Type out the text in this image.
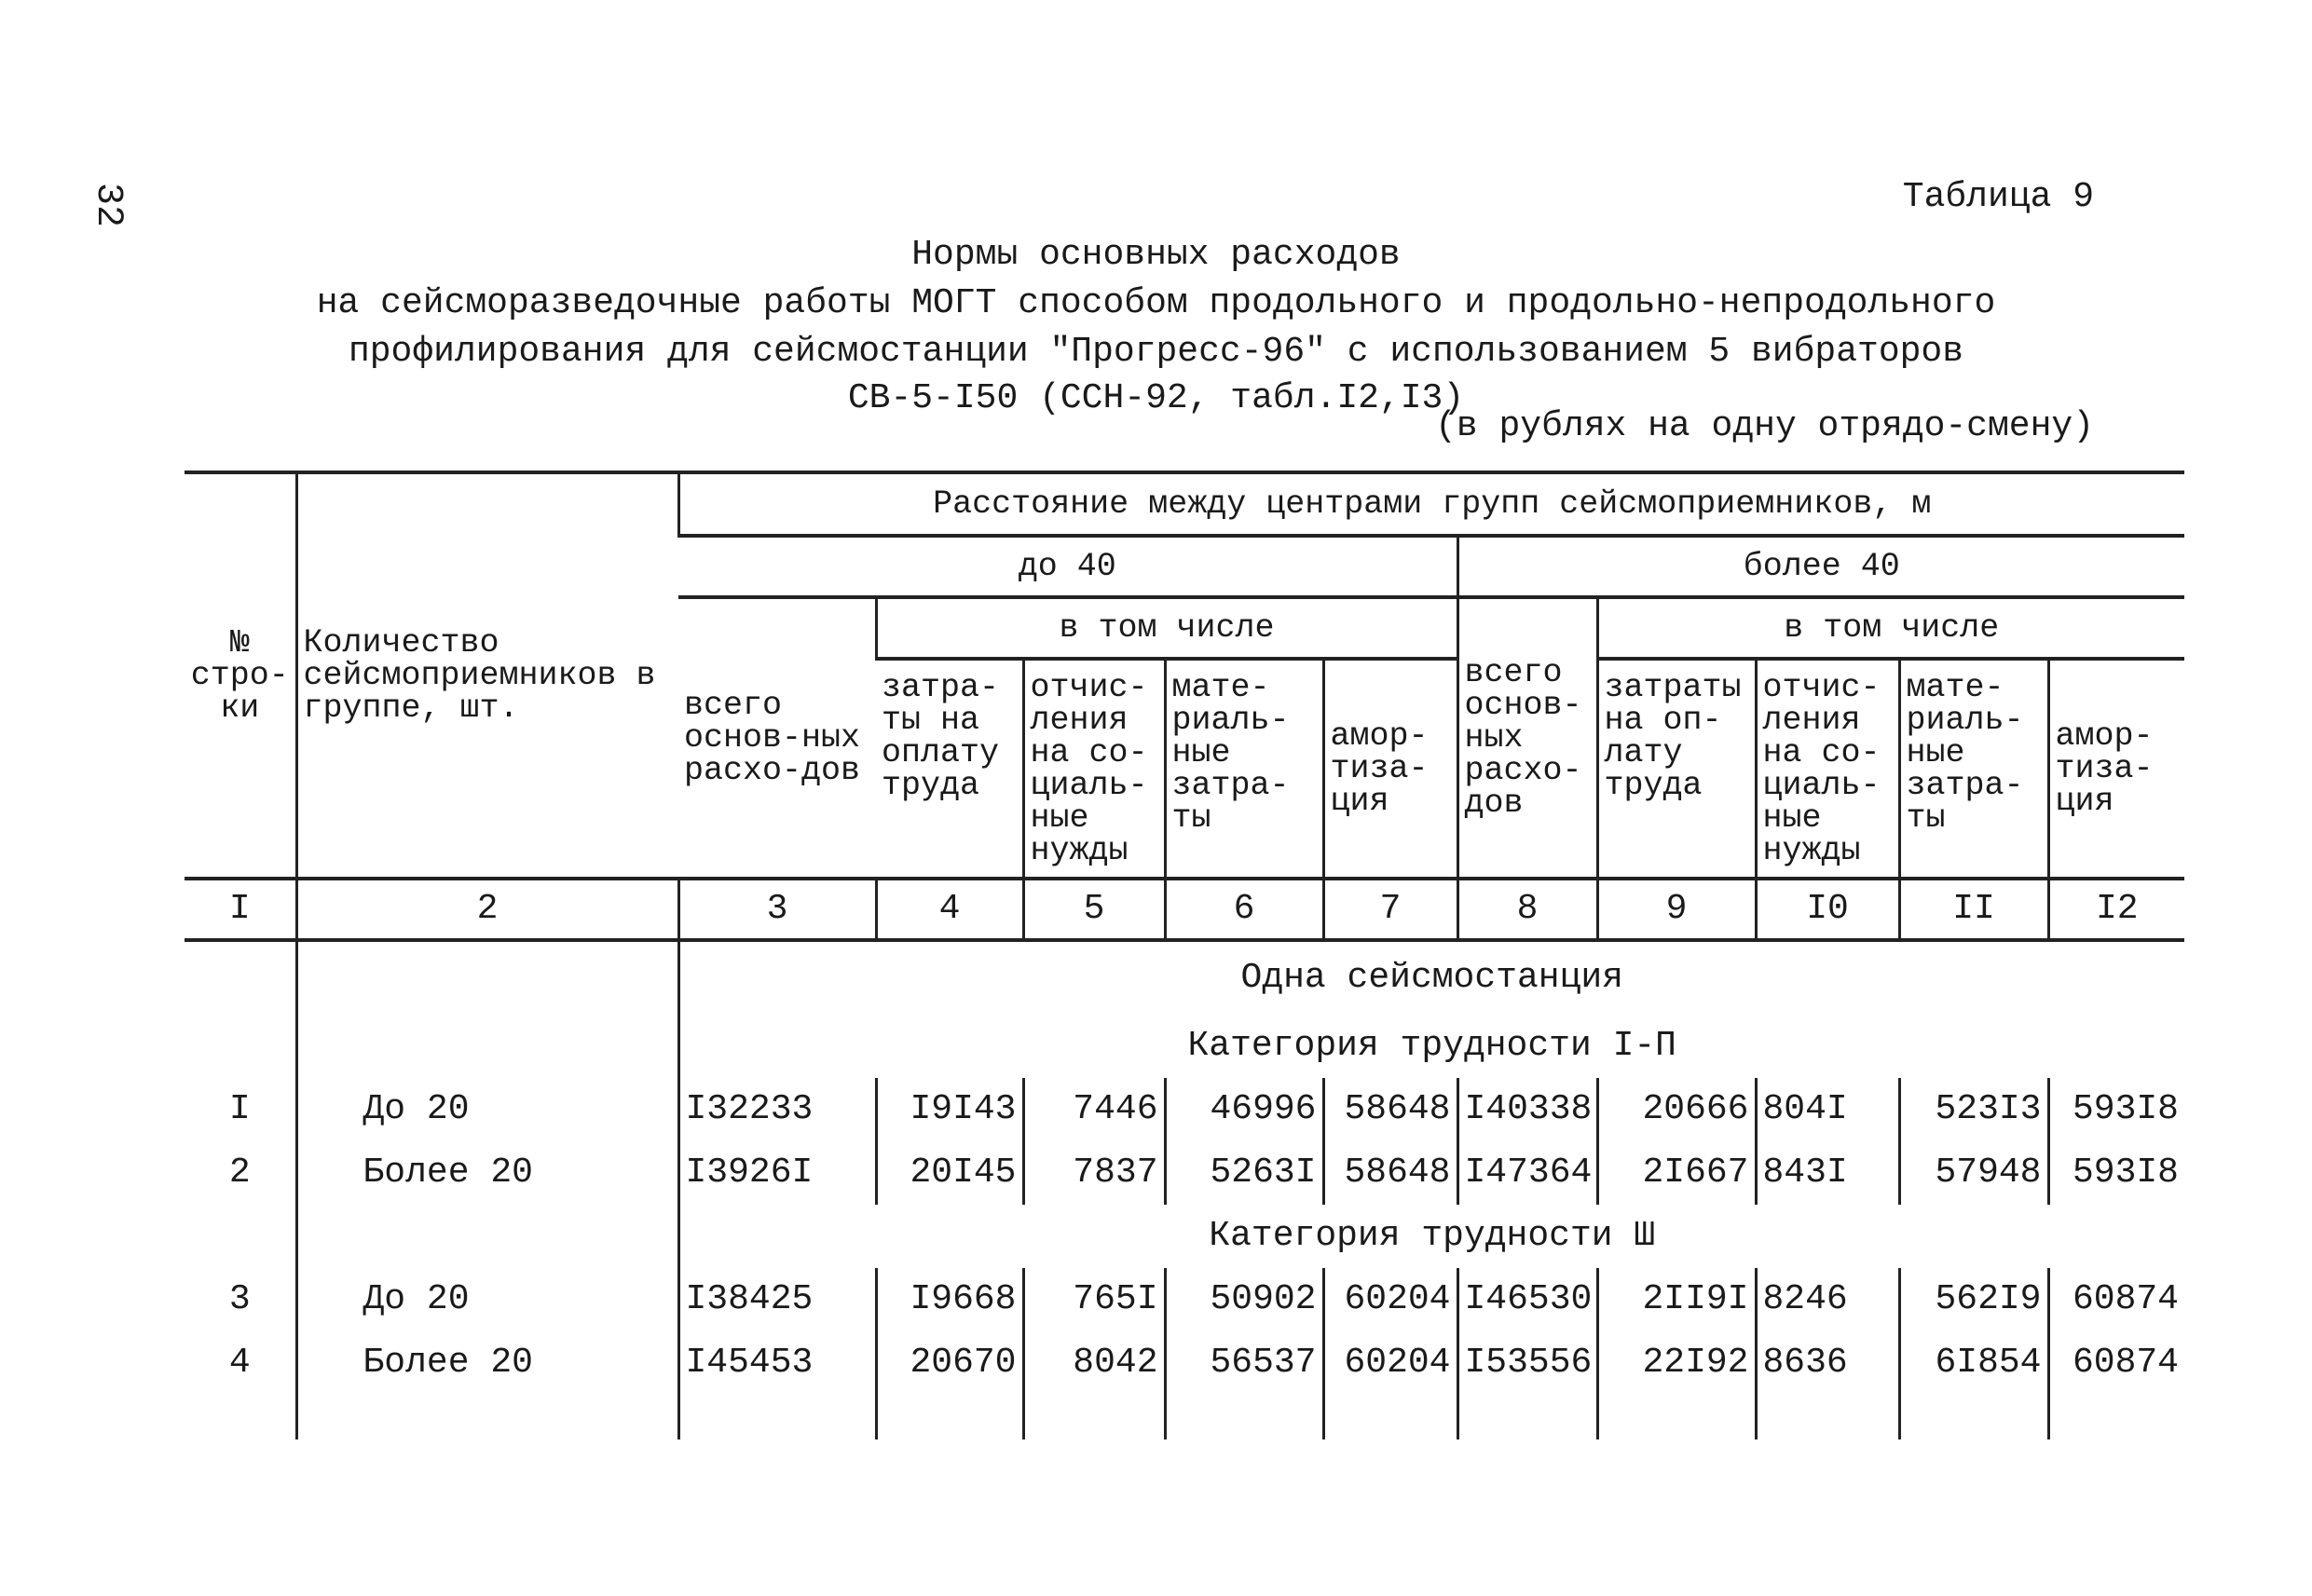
32	Таблица 9
Нормы основных расходов
на сейсморазведочные работы МОГТ способом продольного и продольно-непродольного
профилирования для сейсмостанции "Прогресс-96" с использованием 5 вибраторов
СВ-5-І50 (ССН-92, табл.І2,І3)
(в рублях на одну отрядо-смену)
№ стро-ки	Количество сейсмоприемников в группе, шт.	Расстояние между центрами групп сейсмоприемников, м									
		до 40					более 40				
		всего основ-ных расхо-дов	в том числе				всего основ-ных расхо-дов	в том числе			
			затра-ты на оплату труда	отчис-ления на со-циаль-ные нужды	мате-риаль-ные затра-ты	амор-тиза-ция		затраты на оп-лату труда	отчис-ления на со-циаль-ные нужды	мате-риаль-ные затра-ты	амор-тиза-ция
І	2	3	4	5	6	7	8	9	І0	ІІ	І2
		Одна сейсмостанция									
		Категория трудности І-П									
І	До 20	І32233	І9І43	7446	46996	58648	І40338	20666	804І	523І3	593І8
2	Более 20	І3926І	20І45	7837	5263І	58648	І47364	2І667	843І	57948	593І8
		Категория трудности Ш									
3	До 20	І38425	І9668	765І	50902	60204	І46530	2ІІ9І	8246	562І9	60874
4	Более 20	І45453	20670	8042	56537	60204	І53556	22І92	8636	6І854	60874
